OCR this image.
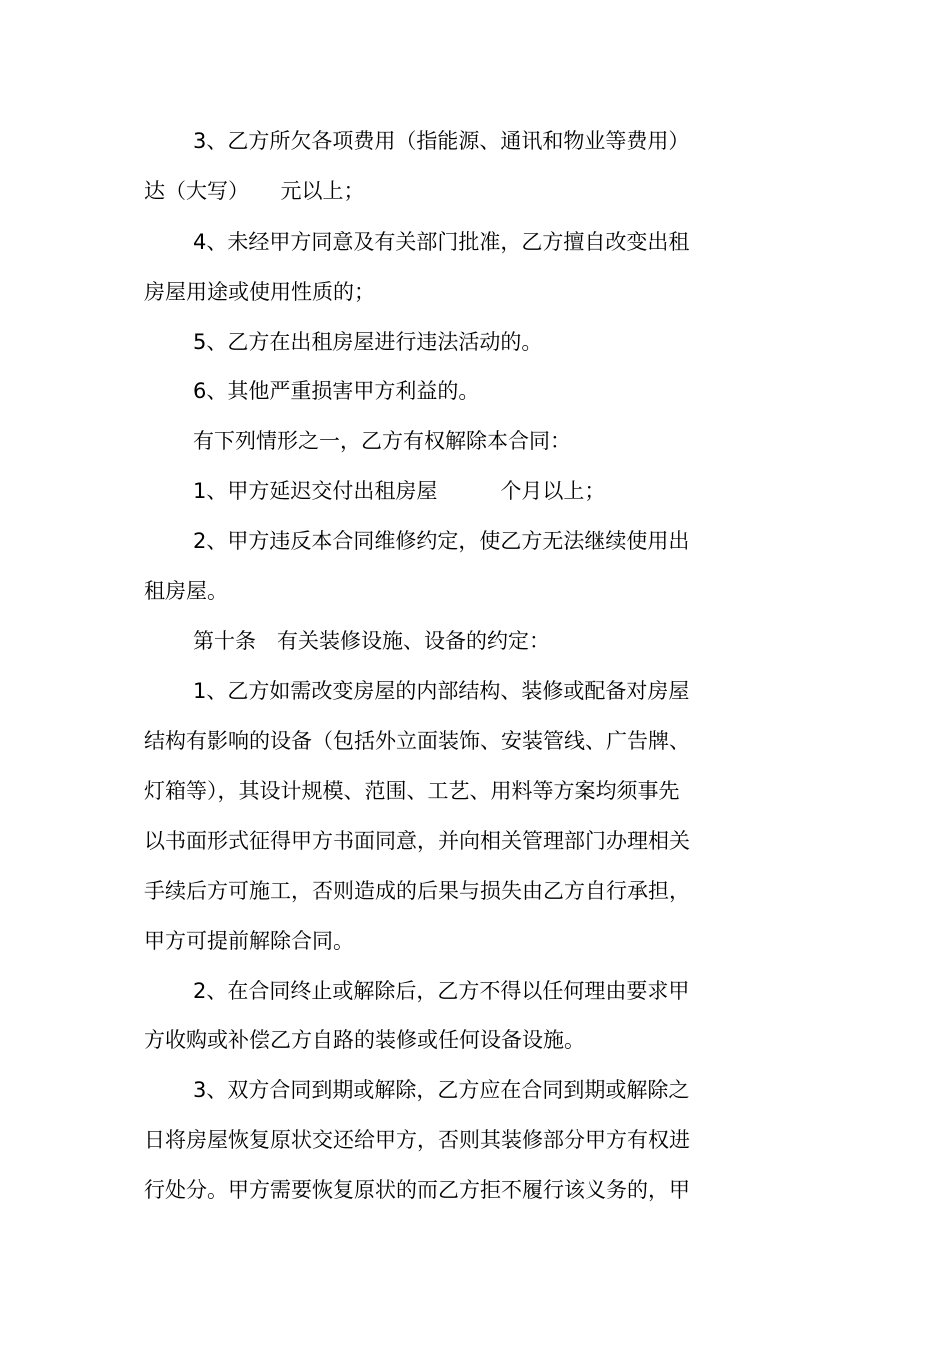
3、乙方所欠各项费用（指能源、通讯和物业等费用）
达（大写）　　元以上；
4、未经甲方同意及有关部门批准，乙方擅自改变出租
房屋用途或使用性质的；
5、乙方在出租房屋进行违法活动的。
6、其他严重损害甲方利益的。
有下列情形之一，乙方有权解除本合同：
1、甲方延迟交付出租房屋　　　个月以上；
2、甲方违反本合同维修约定，使乙方无法继续使用出
租房屋。
第十条　有关装修设施、设备的约定：
1、乙方如需改变房屋的内部结构、装修或配备对房屋
结构有影响的设备（包括外立面装饰、安装管线、广告牌、
灯箱等），其设计规模、范围、工艺、用料等方案均须事先
以书面形式征得甲方书面同意，并向相关管理部门办理相关
手续后方可施工，否则造成的后果与损失由乙方自行承担，
甲方可提前解除合同。
2、在合同终止或解除后，乙方不得以任何理由要求甲
方收购或补偿乙方自路的装修或任何设备设施。
3、双方合同到期或解除，乙方应在合同到期或解除之
日将房屋恢复原状交还给甲方，否则其装修部分甲方有权进
行处分。甲方需要恢复原状的而乙方拒不履行该义务的，甲
